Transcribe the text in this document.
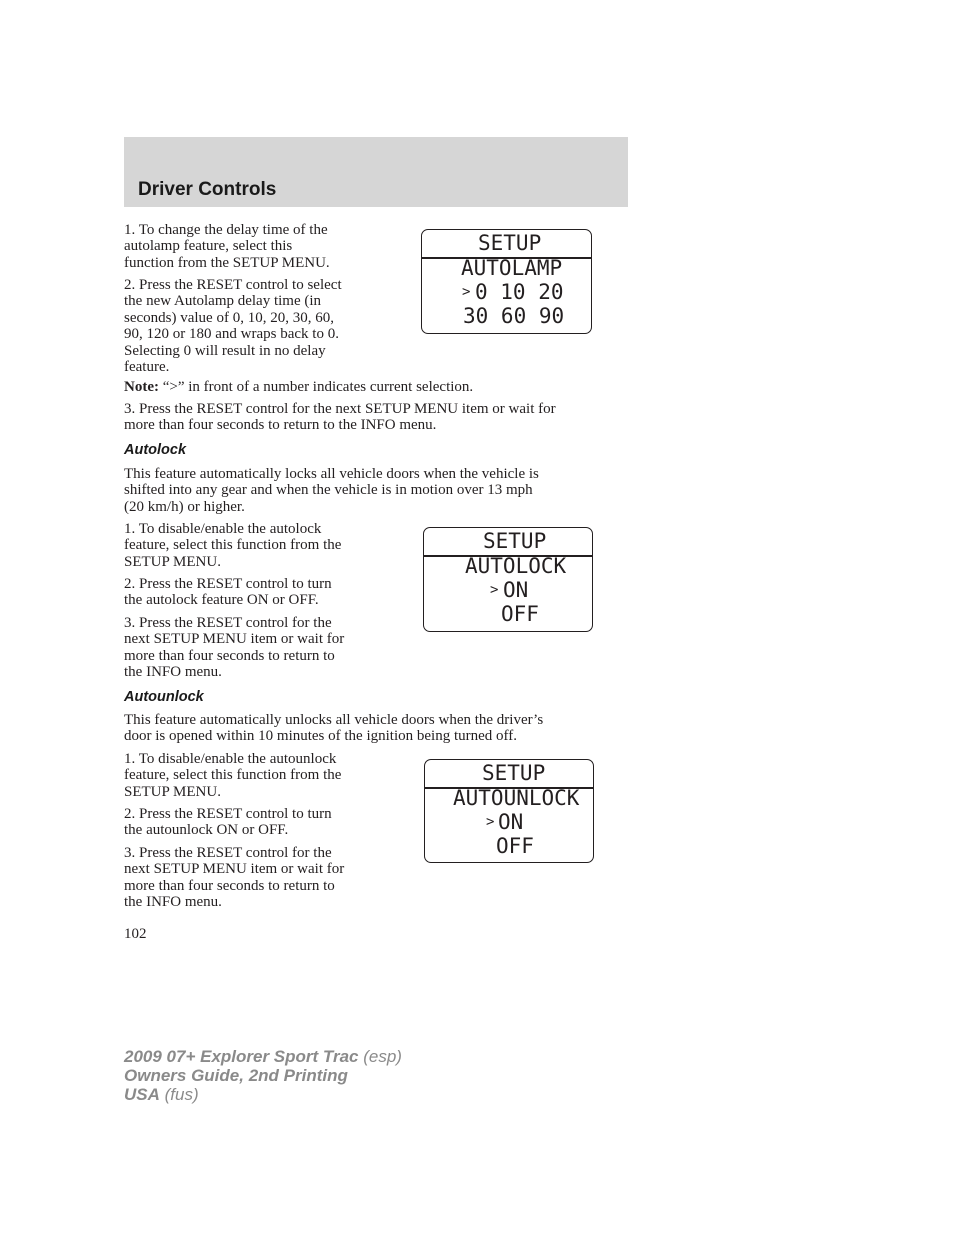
Driver Controls
1. To change the delay time of the
autolamp feature, select this
function from the SETUP MENU.
2. Press the RESET control to select
the new Autolamp delay time (in
seconds) value of 0, 10, 20, 30, 60,
90, 120 or 180 and wraps back to 0.
Selecting 0 will result in no delay
feature.
Note: “>” in front of a number indicates current selection.
3. Press the RESET control for the next SETUP MENU item or wait for
more than four seconds to return to the INFO menu.
SETUP
AUTOLAMP
> 0 10 20
30 60 90
Autolock
This feature automatically locks all vehicle doors when the vehicle is
shifted into any gear and when the vehicle is in motion over 13 mph
(20 km/h) or higher.
1. To disable/enable the autolock
feature, select this function from the
SETUP MENU.
2. Press the RESET control to turn
the autolock feature ON or OFF.
3. Press the RESET control for the
next SETUP MENU item or wait for
more than four seconds to return to
the INFO menu.
SETUP
AUTOLOCK
> ON
OFF
Autounlock
This feature automatically unlocks all vehicle doors when the driver’s
door is opened within 10 minutes of the ignition being turned off.
1. To disable/enable the autounlock
feature, select this function from the
SETUP MENU.
2. Press the RESET control to turn
the autounlock ON or OFF.
3. Press the RESET control for the
next SETUP MENU item or wait for
more than four seconds to return to
the INFO menu.
SETUP
AUTOUNLOCK
> ON
OFF
102
2009 07+ Explorer Sport Trac (esp)
Owners Guide, 2nd Printing
USA (fus)
